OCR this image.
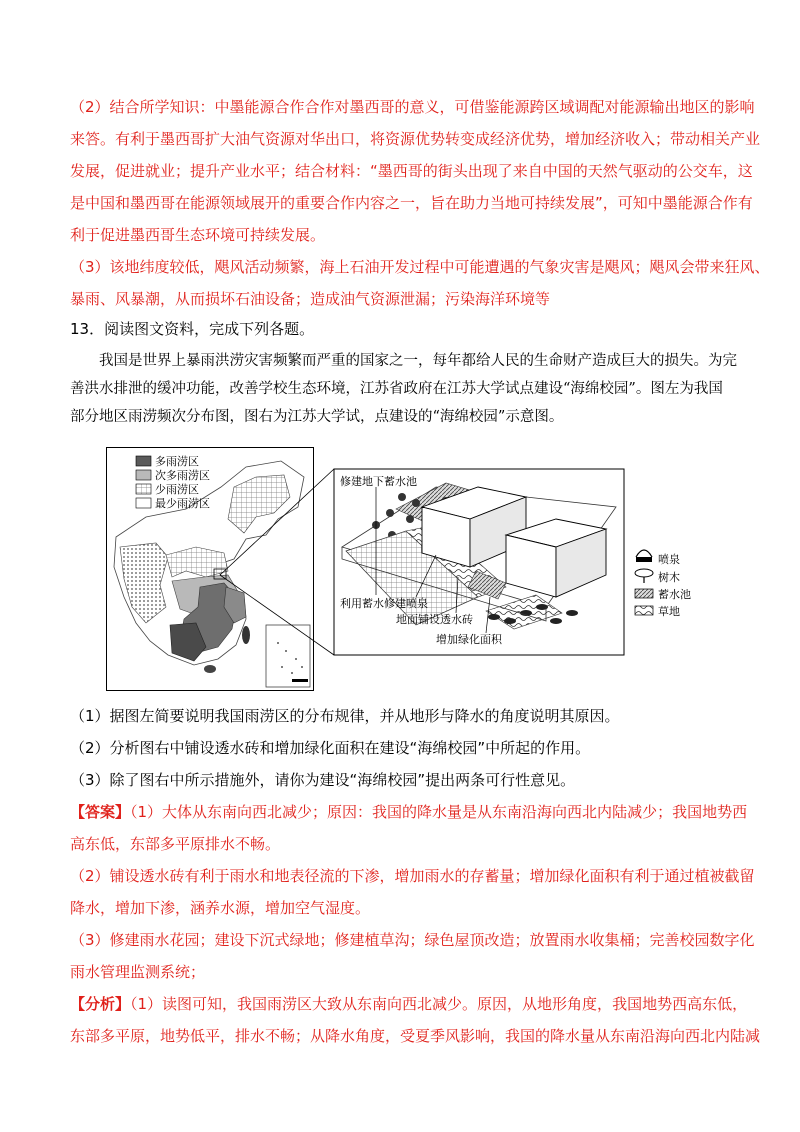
（2）结合所学知识：中墨能源合作合作对墨西哥的意义，可借鉴能源跨区域调配对能源输出地区的影响
来答。有利于墨西哥扩大油气资源对华出口，将资源优势转变成经济优势，增加经济收入；带动相关产业
发展，促进就业；提升产业水平；结合材料：“墨西哥的街头出现了来自中国的天然气驱动的公交车，这
是中国和墨西哥在能源领域展开的重要合作内容之一，旨在助力当地可持续发展”，可知中墨能源合作有
利于促进墨西哥生态环境可持续发展。
（3）该地纬度较低，飓风活动频繁，海上石油开发过程中可能遭遇的气象灾害是飓风；飓风会带来狂风、
暴雨、风暴潮，从而损坏石油设备；造成油气资源泄漏；污染海洋环境等
13．阅读图文资料，完成下列各题。
　　我国是世界上暴雨洪涝灾害频繁而严重的国家之一，每年都给人民的生命财产造成巨大的损失。为完
善洪水排泄的缓冲功能，改善学校生态环境，江苏省政府在江苏大学试点建设“海绵校园”。图左为我国
部分地区雨涝频次分布图，图右为江苏大学试，点建设的“海绵校园”示意图。
多雨涝区
次多雨涝区
少雨涝区
最少雨涝区
修建地下蓄水池
利用蓄水修建喷泉
地面铺设透水砖
增加绿化面积
喷泉
树木
蓄水池
草地
（1）据图左简要说明我国雨涝区的分布规律，并从地形与降水的角度说明其原因。
（2）分析图右中铺设透水砖和增加绿化面积在建设“海绵校园”中所起的作用。
（3）除了图右中所示措施外，请你为建设“海绵校园”提出两条可行性意见。
【答案】（1）大体从东南向西北减少；原因：我国的降水量是从东南沿海向西北内陆减少；我国地势西
高东低，东部多平原排水不畅。
（2）铺设透水砖有利于雨水和地表径流的下渗，增加雨水的存蓄量；增加绿化面积有利于通过植被截留
降水，增加下渗，涵养水源，增加空气湿度。
（3）修建雨水花园；建设下沉式绿地；修建植草沟；绿色屋顶改造；放置雨水收集桶；完善校园数字化
雨水管理监测系统；
【分析】（1）读图可知，我国雨涝区大致从东南向西北减少。原因，从地形角度，我国地势西高东低，
东部多平原，地势低平，排水不畅；从降水角度，受夏季风影响，我国的降水量从东南沿海向西北内陆减
